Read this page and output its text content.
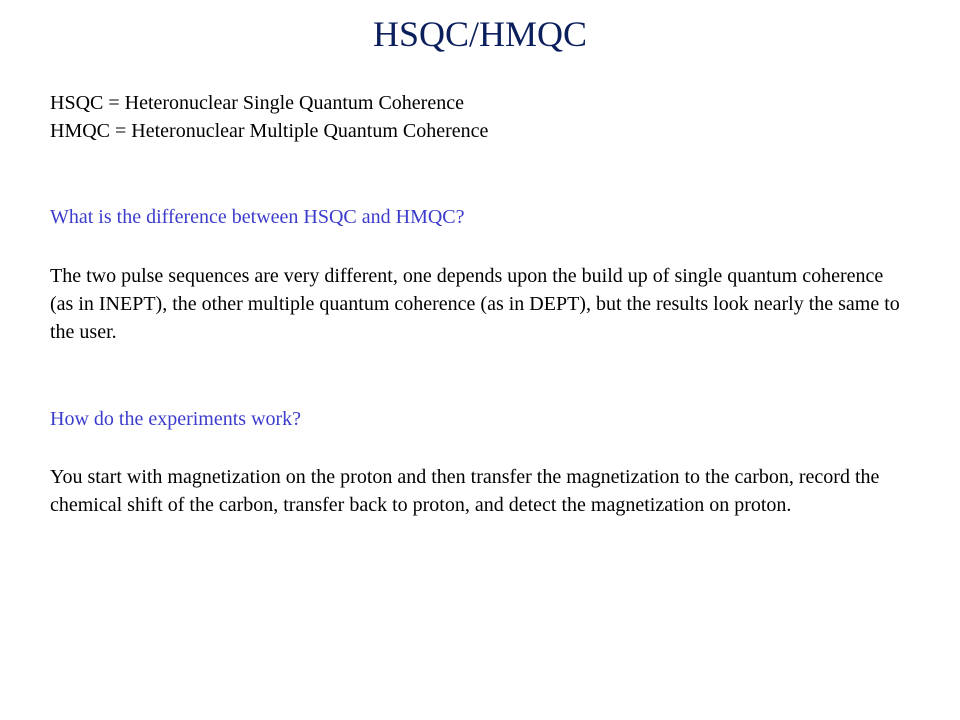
HSQC/HMQC
HSQC = Heteronuclear Single Quantum Coherence
HMQC = Heteronuclear Multiple Quantum Coherence
What is the difference between HSQC and HMQC?
The two pulse sequences are very different, one depends upon the build up of single quantum coherence (as in INEPT), the other multiple quantum coherence (as in DEPT), but the results look nearly the same to the user.
How do the experiments work?
You start with magnetization on the proton and then transfer the magnetization to the carbon, record the chemical shift of the carbon, transfer back to proton, and detect the magnetization on proton.
